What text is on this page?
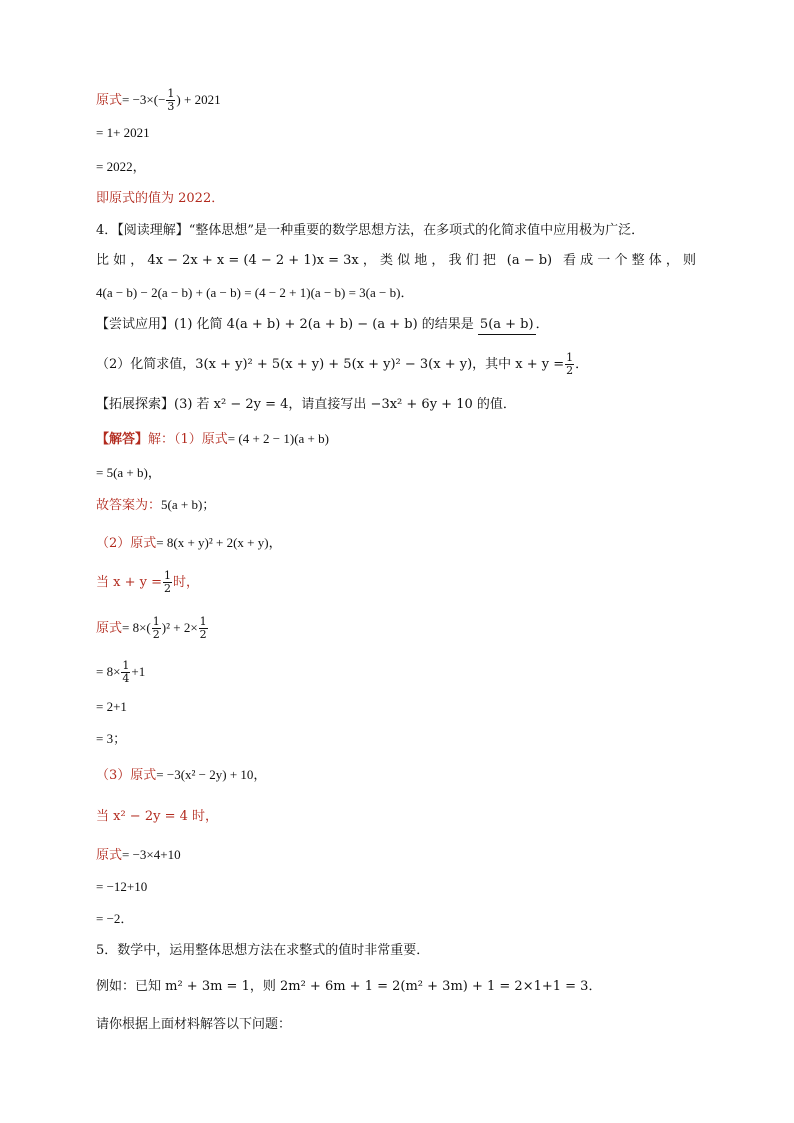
原式= $-3\times(- \frac{1}{3}$ ) + 2021
= 1+ 2021
= 2022，
即原式的值为 2022．
4．【阅读理解】“整体思想”是一种重要的数学思想方法，在多项式的化简求值中应用极为广泛．
比 如 ， 4x − 2x + x = (4 − 2 + 1)x = 3x ， 类 似 地 ， 我 们 把 (a − b) 看 成 一 个 整 体 ， 则
4(a − b) − 2(a − b) + (a − b) = (4 − 2 + 1)(a − b) = 3(a − b)．
【尝试应用】(1) 化简 4(a + b) + 2(a + b) − (a + b) 的结果是 5(a + b) ．
（2）化简求值，3(x + y)² + 5(x + y) + 5(x + y)² − 3(x + y)，其中 $x + y = \frac{1}{2}$ ．
【拓展探索】(3) 若 x² − 2y = 4，请直接写出 −3x² + 6y + 10 的值．
【解答】解：（1）原式= (4 + 2 − 1)(a + b)
= 5(a + b)，
故答案为：5(a + b)；
（2）原式= 8(x + y)² + 2(x + y)，
当 $x + y = \frac{1}{2}$ 时，
原式= $8\times( \frac{1}{2} )^2 + 2\times \frac{1}{2}$
= $8\times \frac{1}{4} +1$
= 2+1
= 3；
（3）原式= −3(x² − 2y) + 10，
当 x² − 2y = 4 时，
原式= −3×4+10
= −12+10
= −2．
5．数学中，运用整体思想方法在求整式的值时非常重要．
例如：已知 m² + 3m = 1，则 2m² + 6m + 1 = 2(m² + 3m) + 1 = 2×1+1 = 3．
请你根据上面材料解答以下问题：
